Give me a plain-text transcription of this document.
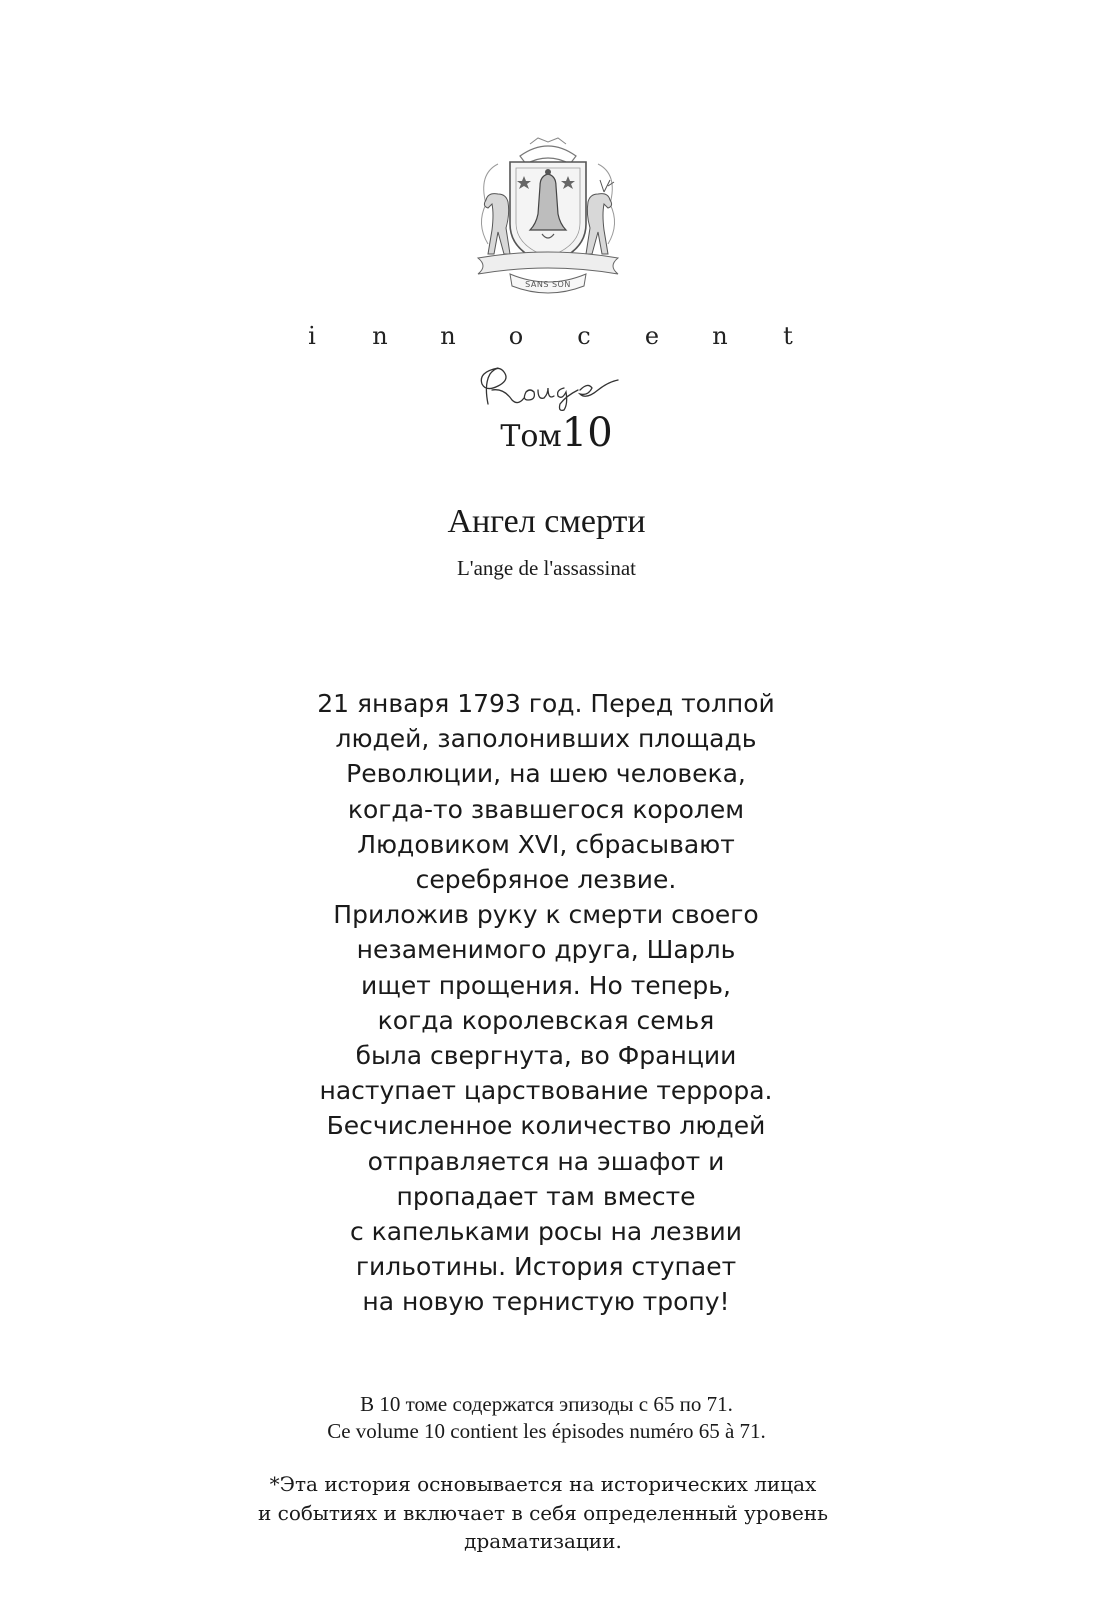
SANS SON
i	n n o c e n t
Том10
Ангел смерти
L'ange de l'assassinat
21 января 1793 год. Перед толпой
людей, заполонивших площадь
Революции, на шею человека,
когда-то звавшегося королем
Людовиком XVI, сбрасывают
серебряное лезвие.
Приложив руку к смерти своего
незаменимого друга, Шарль
ищет прощения. Но теперь,
когда королевская семья
была свергнута, во Франции
наступает царствование террора.
Бесчисленное количество людей
отправляется на эшафот и
пропадает там вместе
с капельками росы на лезвии
гильотины. История ступает
на новую тернистую тропу!
В 10 томе содержатся эпизоды с 65 по 71.
Ce volume 10 contient les épisodes numéro 65 à 71.
*Эта история основывается на исторических лицах
и событиях и включает в себя определенный уровень
драматизации.
